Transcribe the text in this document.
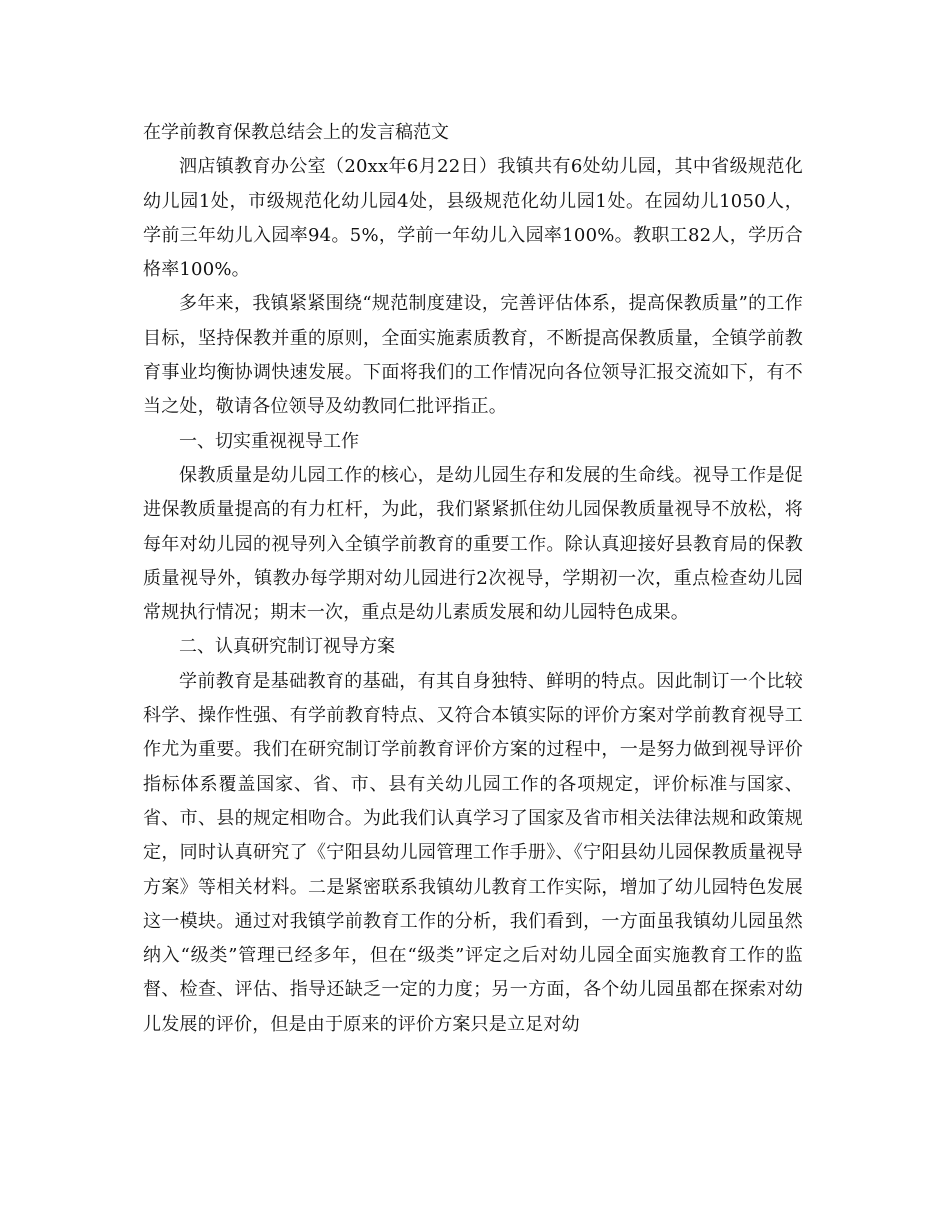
在学前教育保教总结会上的发言稿范文

泗店镇教育办公室（20xx年6月22日）我镇共有6处幼儿园，其中省级规范化幼儿园1处，市级规范化幼儿园4处，县级规范化幼儿园1处。在园幼儿1050人，学前三年幼儿入园率94。5%，学前一年幼儿入园率100%。教职工82人，学历合格率100%。

多年来，我镇紧紧围绕“规范制度建设，完善评估体系，提高保教质量”的工作目标，坚持保教并重的原则，全面实施素质教育，不断提高保教质量，全镇学前教育事业均衡协调快速发展。下面将我们的工作情况向各位领导汇报交流如下，有不当之处，敬请各位领导及幼教同仁批评指正。

一、切实重视视导工作

保教质量是幼儿园工作的核心，是幼儿园生存和发展的生命线。视导工作是促进保教质量提高的有力杠杆，为此，我们紧紧抓住幼儿园保教质量视导不放松，将每年对幼儿园的视导列入全镇学前教育的重要工作。除认真迎接好县教育局的保教质量视导外，镇教办每学期对幼儿园进行2次视导，学期初一次，重点检查幼儿园常规执行情况；期末一次，重点是幼儿素质发展和幼儿园特色成果。

二、认真研究制订视导方案

学前教育是基础教育的基础，有其自身独特、鲜明的特点。因此制订一个比较科学、操作性强、有学前教育特点、又符合本镇实际的评价方案对学前教育视导工作尤为重要。我们在研究制订学前教育评价方案的过程中，一是努力做到视导评价指标体系覆盖国家、省、市、县有关幼儿园工作的各项规定，评价标准与国家、省、市、县的规定相吻合。为此我们认真学习了国家及省市相关法律法规和政策规定，同时认真研究了《宁阳县幼儿园管理工作手册》、《宁阳县幼儿园保教质量视导方案》等相关材料。二是紧密联系我镇幼儿教育工作实际，增加了幼儿园特色发展这一模块。通过对我镇学前教育工作的分析，我们看到，一方面虽我镇幼儿园虽然纳入“级类”管理已经多年，但在“级类”评定之后对幼儿园全面实施教育工作的监督、检查、评估、指导还缺乏一定的力度；另一方面，各个幼儿园虽都在探索对幼儿发展的评价，但是由于原来的评价方案只是立足对幼
